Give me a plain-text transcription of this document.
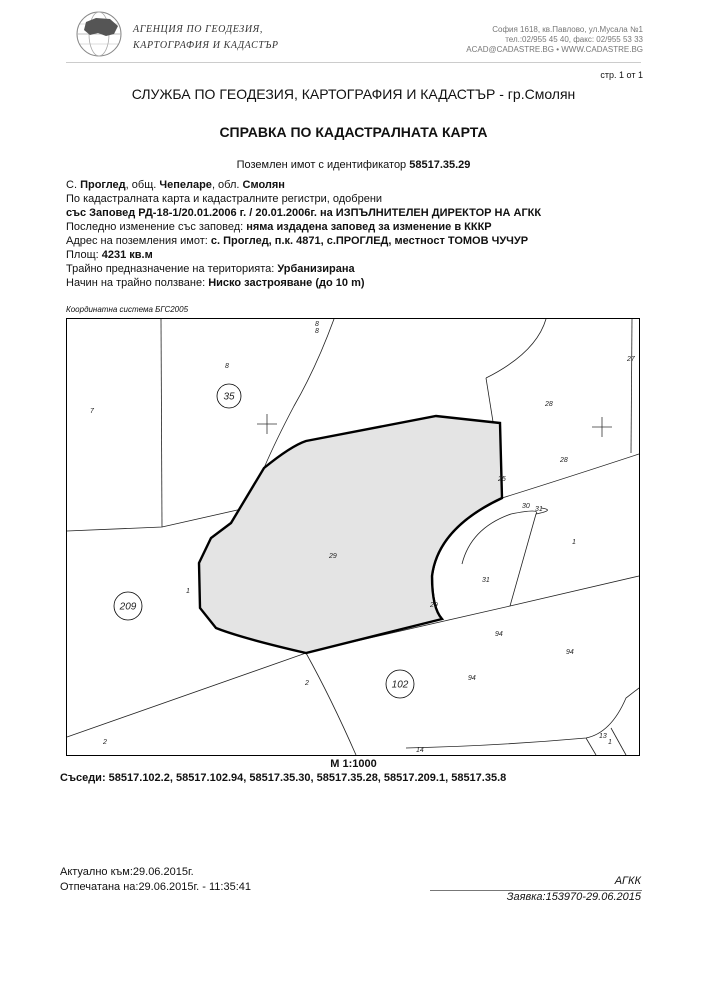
АГЕНЦИЯ ПО ГЕОДЕЗИЯ,
КАРТОГРАФИЯ И КАДАСТЪР
София 1618, кв.Павлово, ул.Мусала №1
тел.:02/955 45 40, факс: 02/955 53 33
ACAD@CADASTRE.BG • WWW.CADASTRE.BG
стр. 1 от 1
СЛУЖБА ПО ГЕОДЕЗИЯ, КАРТОГРАФИЯ И КАДАСТЪР - гр.Смолян
СПРАВКА ПО КАДАСТРАЛНАТА КАРТА
Поземлен имот с идентификатор 58517.35.29
С. Проглед, общ. Чепеларе, обл. Смолян
По кадастралната карта и кадастралните регистри, одобрени
със Заповед РД-18-1/20.01.2006 г. / 20.01.2006г. на ИЗПЪЛНИТЕЛЕН ДИРЕКТОР НА АГКК
Последно изменение със заповед: няма издадена заповед за изменение в КККР
Адрес на поземления имот: с. Проглед, п.к. 4871, с.ПРОГЛЕД, местност ТОМОВ ЧУЧУР
Площ: 4231 кв.м
Трайно предназначение на територията: Урбанизирана
Начин на трайно ползване: Ниско застрояване (до 10 m)
Координатна система БГС2005
35
209
102
8
8
8
27
28
28
7
29
25
30 31
31
1
1
29
94
94
94
2
2
14
13
1
М 1:1000
Съседи: 58517.102.2, 58517.102.94, 58517.35.30, 58517.35.28, 58517.209.1, 58517.35.8
Актуално към:29.06.2015г.
Отпечатана на:29.06.2015г. - 11:35:41	АГКК
Заявка:153970-29.06.2015
